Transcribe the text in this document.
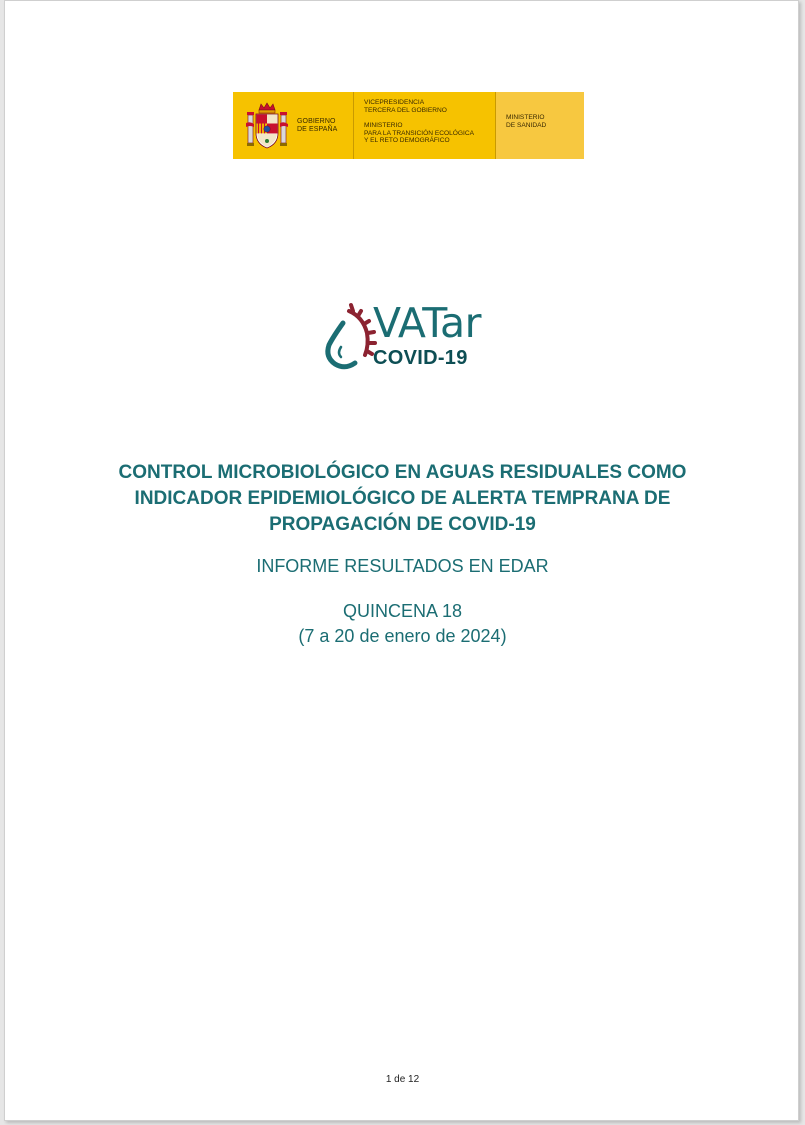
GOBIERNO
DE ESPAÑA
VICEPRESIDENCIA
TERCERA DEL GOBIERNO
MINISTERIO
PARA LA TRANSICIÓN ECOLÓGICA
Y EL RETO DEMOGRÁFICO
MINISTERIO
DE SANIDAD
VATar
COVID-19
CONTROL MICROBIOLÓGICO EN AGUAS RESIDUALES COMO
INDICADOR EPIDEMIOLÓGICO DE ALERTA TEMPRANA DE
PROPAGACIÓN DE COVID-19
INFORME RESULTADOS EN EDAR
QUINCENA 18
(7 a 20 de enero de 2024)
1 de 12
